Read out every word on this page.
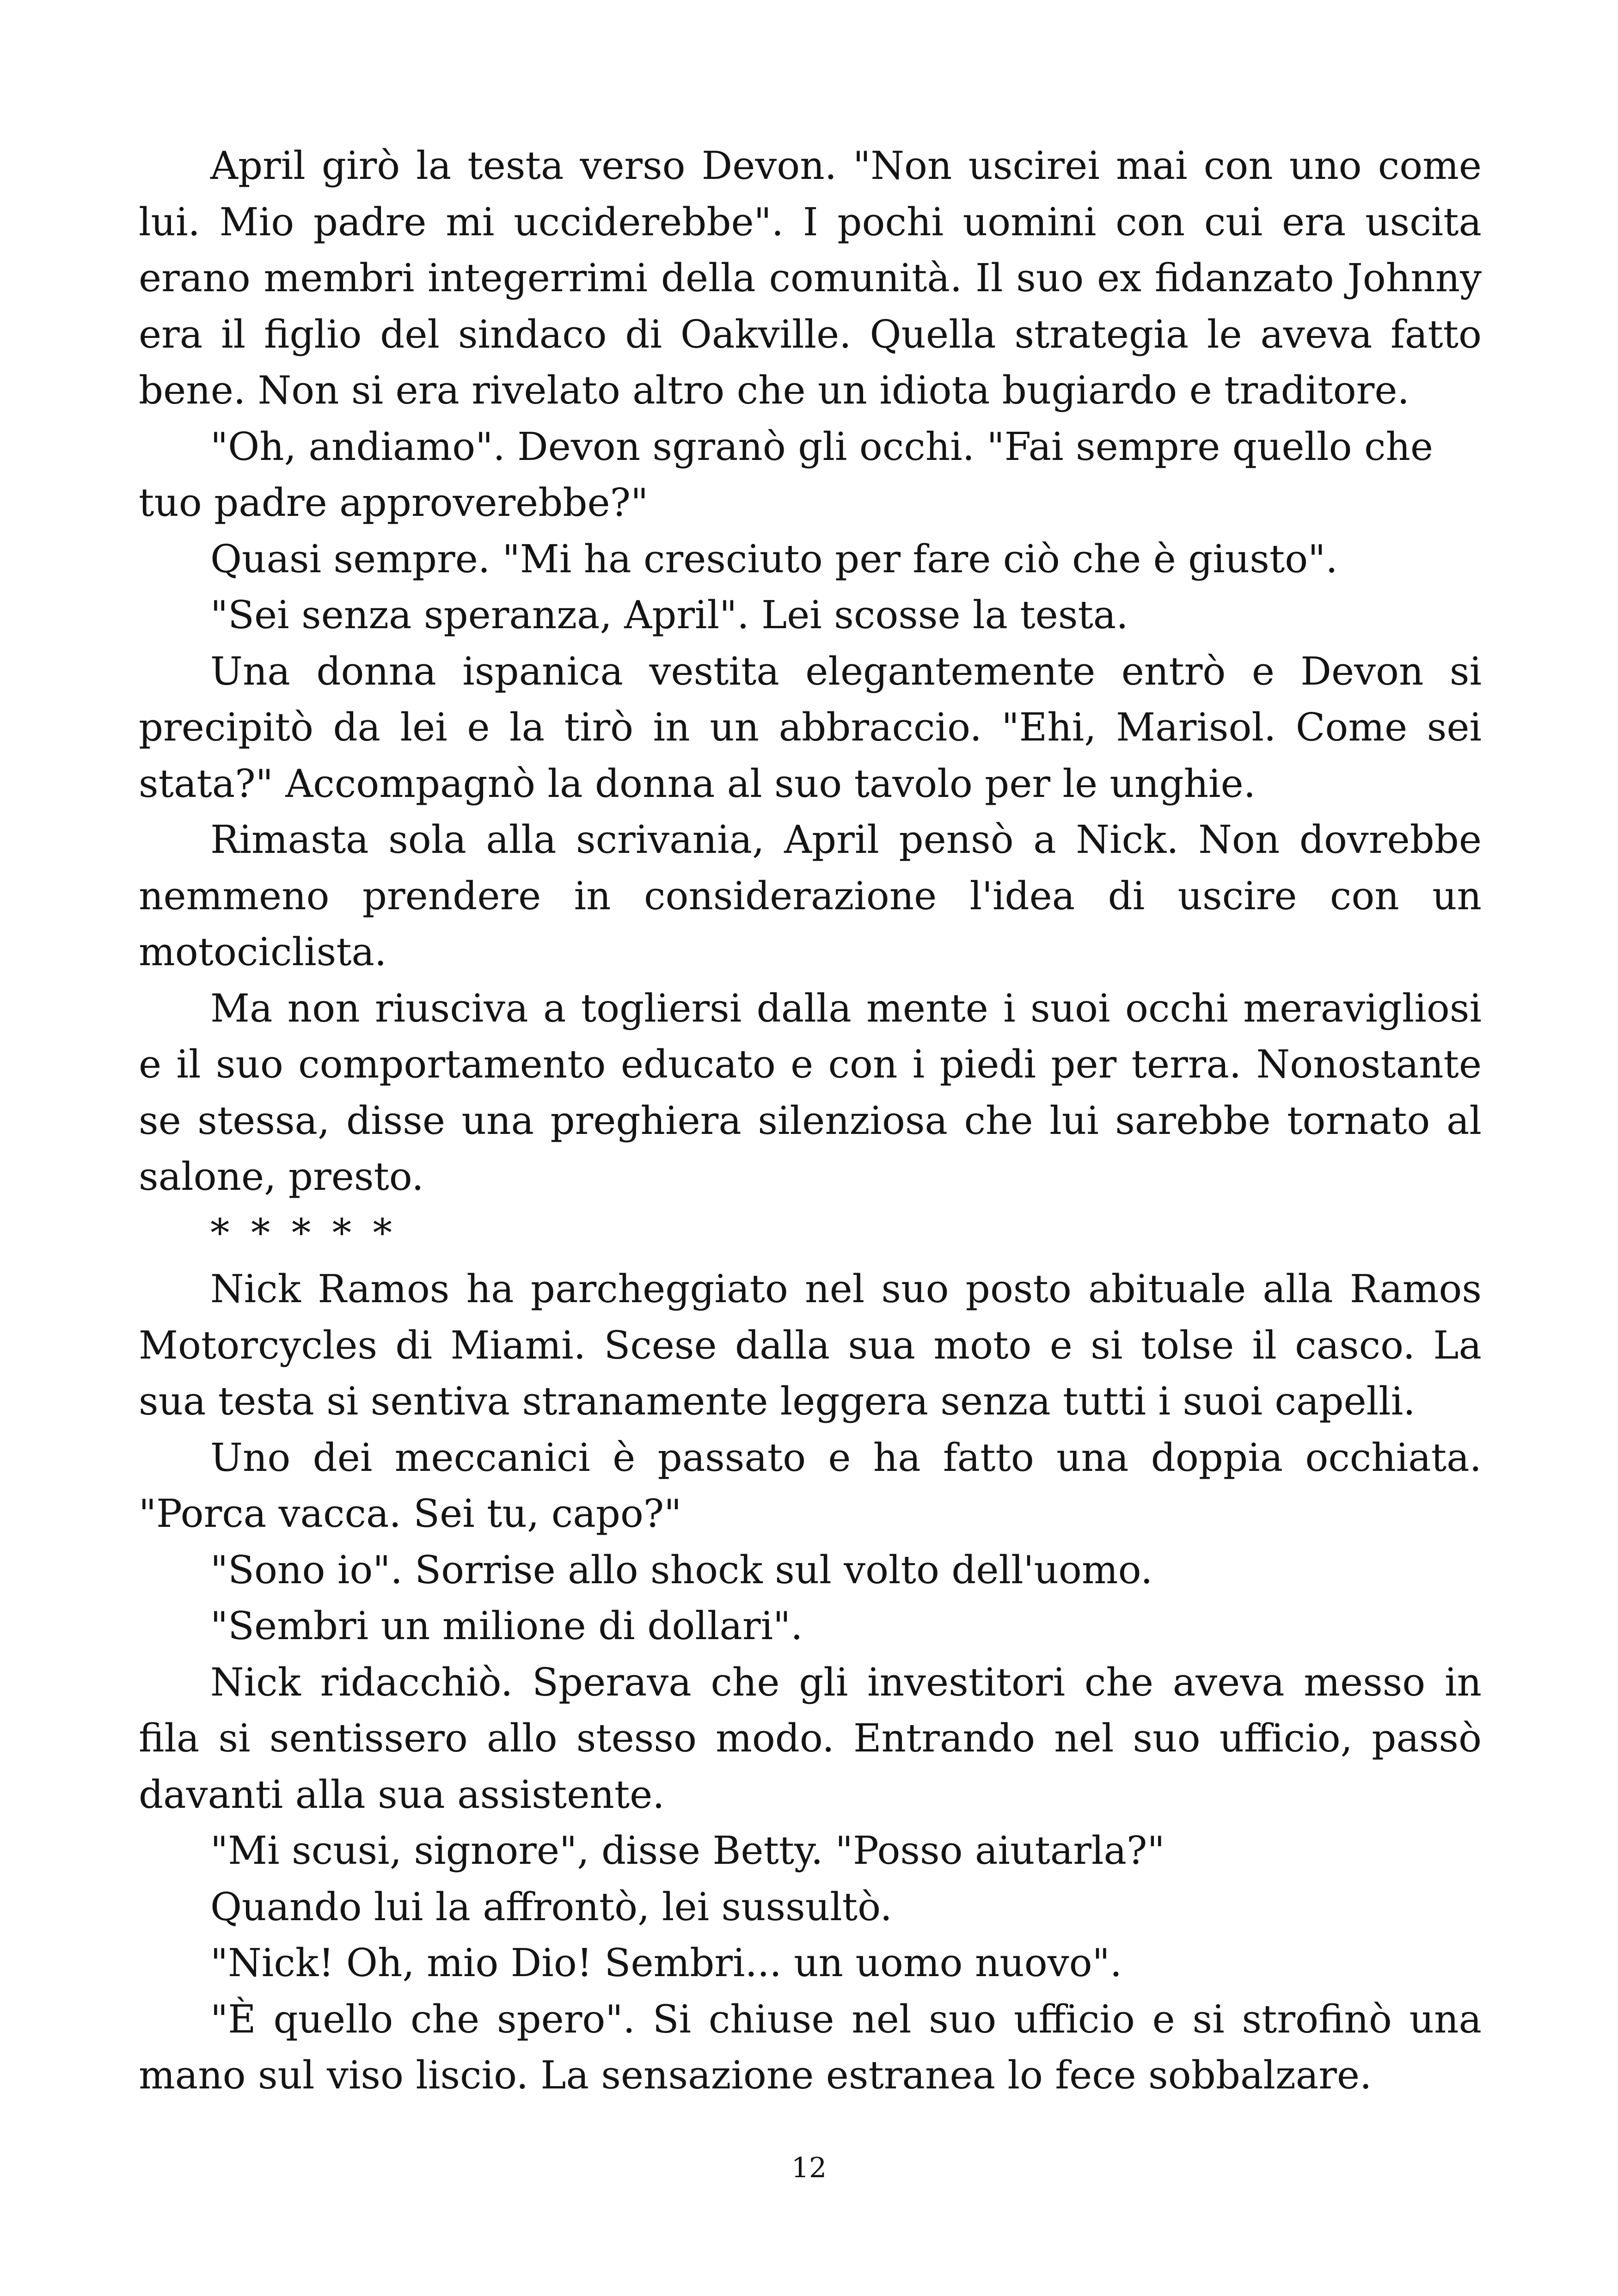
April girò la testa verso Devon. "Non uscirei mai con uno come lui. Mio padre mi ucciderebbe". I pochi uomini con cui era uscita erano membri integerrimi della comunità. Il suo ex fidanzato Johnny era il figlio del sindaco di Oakville. Quella strategia le aveva fatto bene. Non si era rivelato altro che un idiota bugiardo e traditore.

"Oh, andiamo". Devon sgranò gli occhi. "Fai sempre quello che tuo padre approverebbe?"

Quasi sempre. "Mi ha cresciuto per fare ciò che è giusto".

"Sei senza speranza, April". Lei scosse la testa.

Una donna ispanica vestita elegantemente entrò e Devon si precipitò da lei e la tirò in un abbraccio. "Ehi, Marisol. Come sei stata?" Accompagnò la donna al suo tavolo per le unghie.

Rimasta sola alla scrivania, April pensò a Nick. Non dovrebbe nemmeno prendere in considerazione l'idea di uscire con un motociclista.

Ma non riusciva a togliersi dalla mente i suoi occhi meravigliosi e il suo comportamento educato e con i piedi per terra. Nonostante se stessa, disse una preghiera silenziosa che lui sarebbe tornato al salone, presto.

* * * * *

Nick Ramos ha parcheggiato nel suo posto abituale alla Ramos Motorcycles di Miami. Scese dalla sua moto e si tolse il casco. La sua testa si sentiva stranamente leggera senza tutti i suoi capelli.

Uno dei meccanici è passato e ha fatto una doppia occhiata. "Porca vacca. Sei tu, capo?"

"Sono io". Sorrise allo shock sul volto dell'uomo.

"Sembri un milione di dollari".

Nick ridacchiò. Sperava che gli investitori che aveva messo in fila si sentissero allo stesso modo. Entrando nel suo ufficio, passò davanti alla sua assistente.

"Mi scusi, signore", disse Betty. "Posso aiutarla?"

Quando lui la affrontò, lei sussultò.

"Nick! Oh, mio Dio! Sembri... un uomo nuovo".

"È quello che spero". Si chiuse nel suo ufficio e si strofinò una mano sul viso liscio. La sensazione estranea lo fece sobbalzare.

12
